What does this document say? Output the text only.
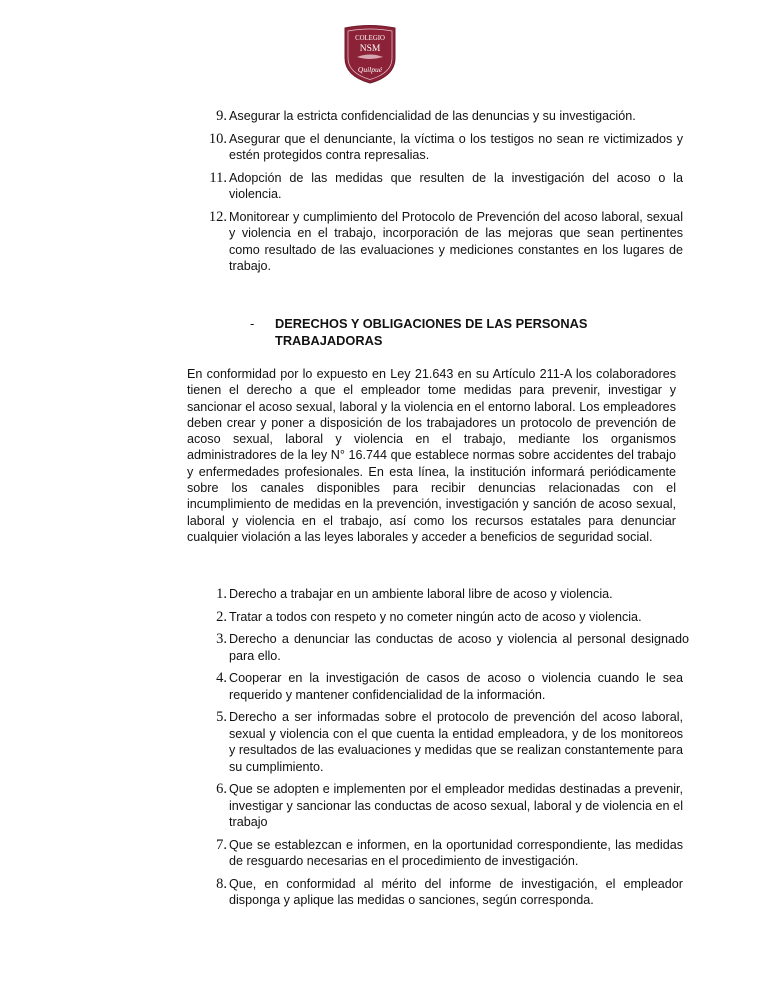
COLEGIO
NSM
Quilpué
9. Asegurar la estricta confidencialidad de las denuncias y su investigación.
10. Asegurar que el denunciante, la víctima o los testigos no sean re victimizados y estén protegidos contra represalias.
11. Adopción de las medidas que resulten de la investigación del acoso o la violencia.
12. Monitorear y cumplimiento del Protocolo de Prevención del acoso laboral, sexual y violencia en el trabajo, incorporación de las mejoras que sean pertinentes como resultado de las evaluaciones y mediciones constantes en los lugares de trabajo.
- DERECHOS Y OBLIGACIONES DE LAS PERSONAS TRABAJADORAS

En conformidad por lo expuesto en Ley 21.643 en su Artículo 211-A los colaboradores tienen el derecho a que el empleador tome medidas para prevenir, investigar y sancionar el acoso sexual, laboral y la violencia en el entorno laboral. Los empleadores deben crear y poner a disposición de los trabajadores un protocolo de prevención de acoso sexual, laboral y violencia en el trabajo, mediante los organismos administradores de la ley N° 16.744 que establece normas sobre accidentes del trabajo y enfermedades profesionales. En esta línea, la institución informará periódicamente sobre los canales disponibles para recibir denuncias relacionadas con el incumplimiento de medidas en la prevención, investigación y sanción de acoso sexual, laboral y violencia en el trabajo, así como los recursos estatales para denunciar cualquier violación a las leyes laborales y acceder a beneficios de seguridad social.

1. Derecho a trabajar en un ambiente laboral libre de acoso y violencia.
2. Tratar a todos con respeto y no cometer ningún acto de acoso y violencia.
3. Derecho a denunciar las conductas de acoso y violencia al personal designado para ello.
4. Cooperar en la investigación de casos de acoso o violencia cuando le sea requerido y mantener confidencialidad de la información.
5. Derecho a ser informadas sobre el protocolo de prevención del acoso laboral, sexual y violencia con el que cuenta la entidad empleadora, y de los monitoreos y resultados de las evaluaciones y medidas que se realizan constantemente para su cumplimiento.
6. Que se adopten e implementen por el empleador medidas destinadas a prevenir, investigar y sancionar las conductas de acoso sexual, laboral y de violencia en el trabajo
7. Que se establezcan e informen, en la oportunidad correspondiente, las medidas de resguardo necesarias en el procedimiento de investigación.
8. Que, en conformidad al mérito del informe de investigación, el empleador disponga y aplique las medidas o sanciones, según corresponda.
